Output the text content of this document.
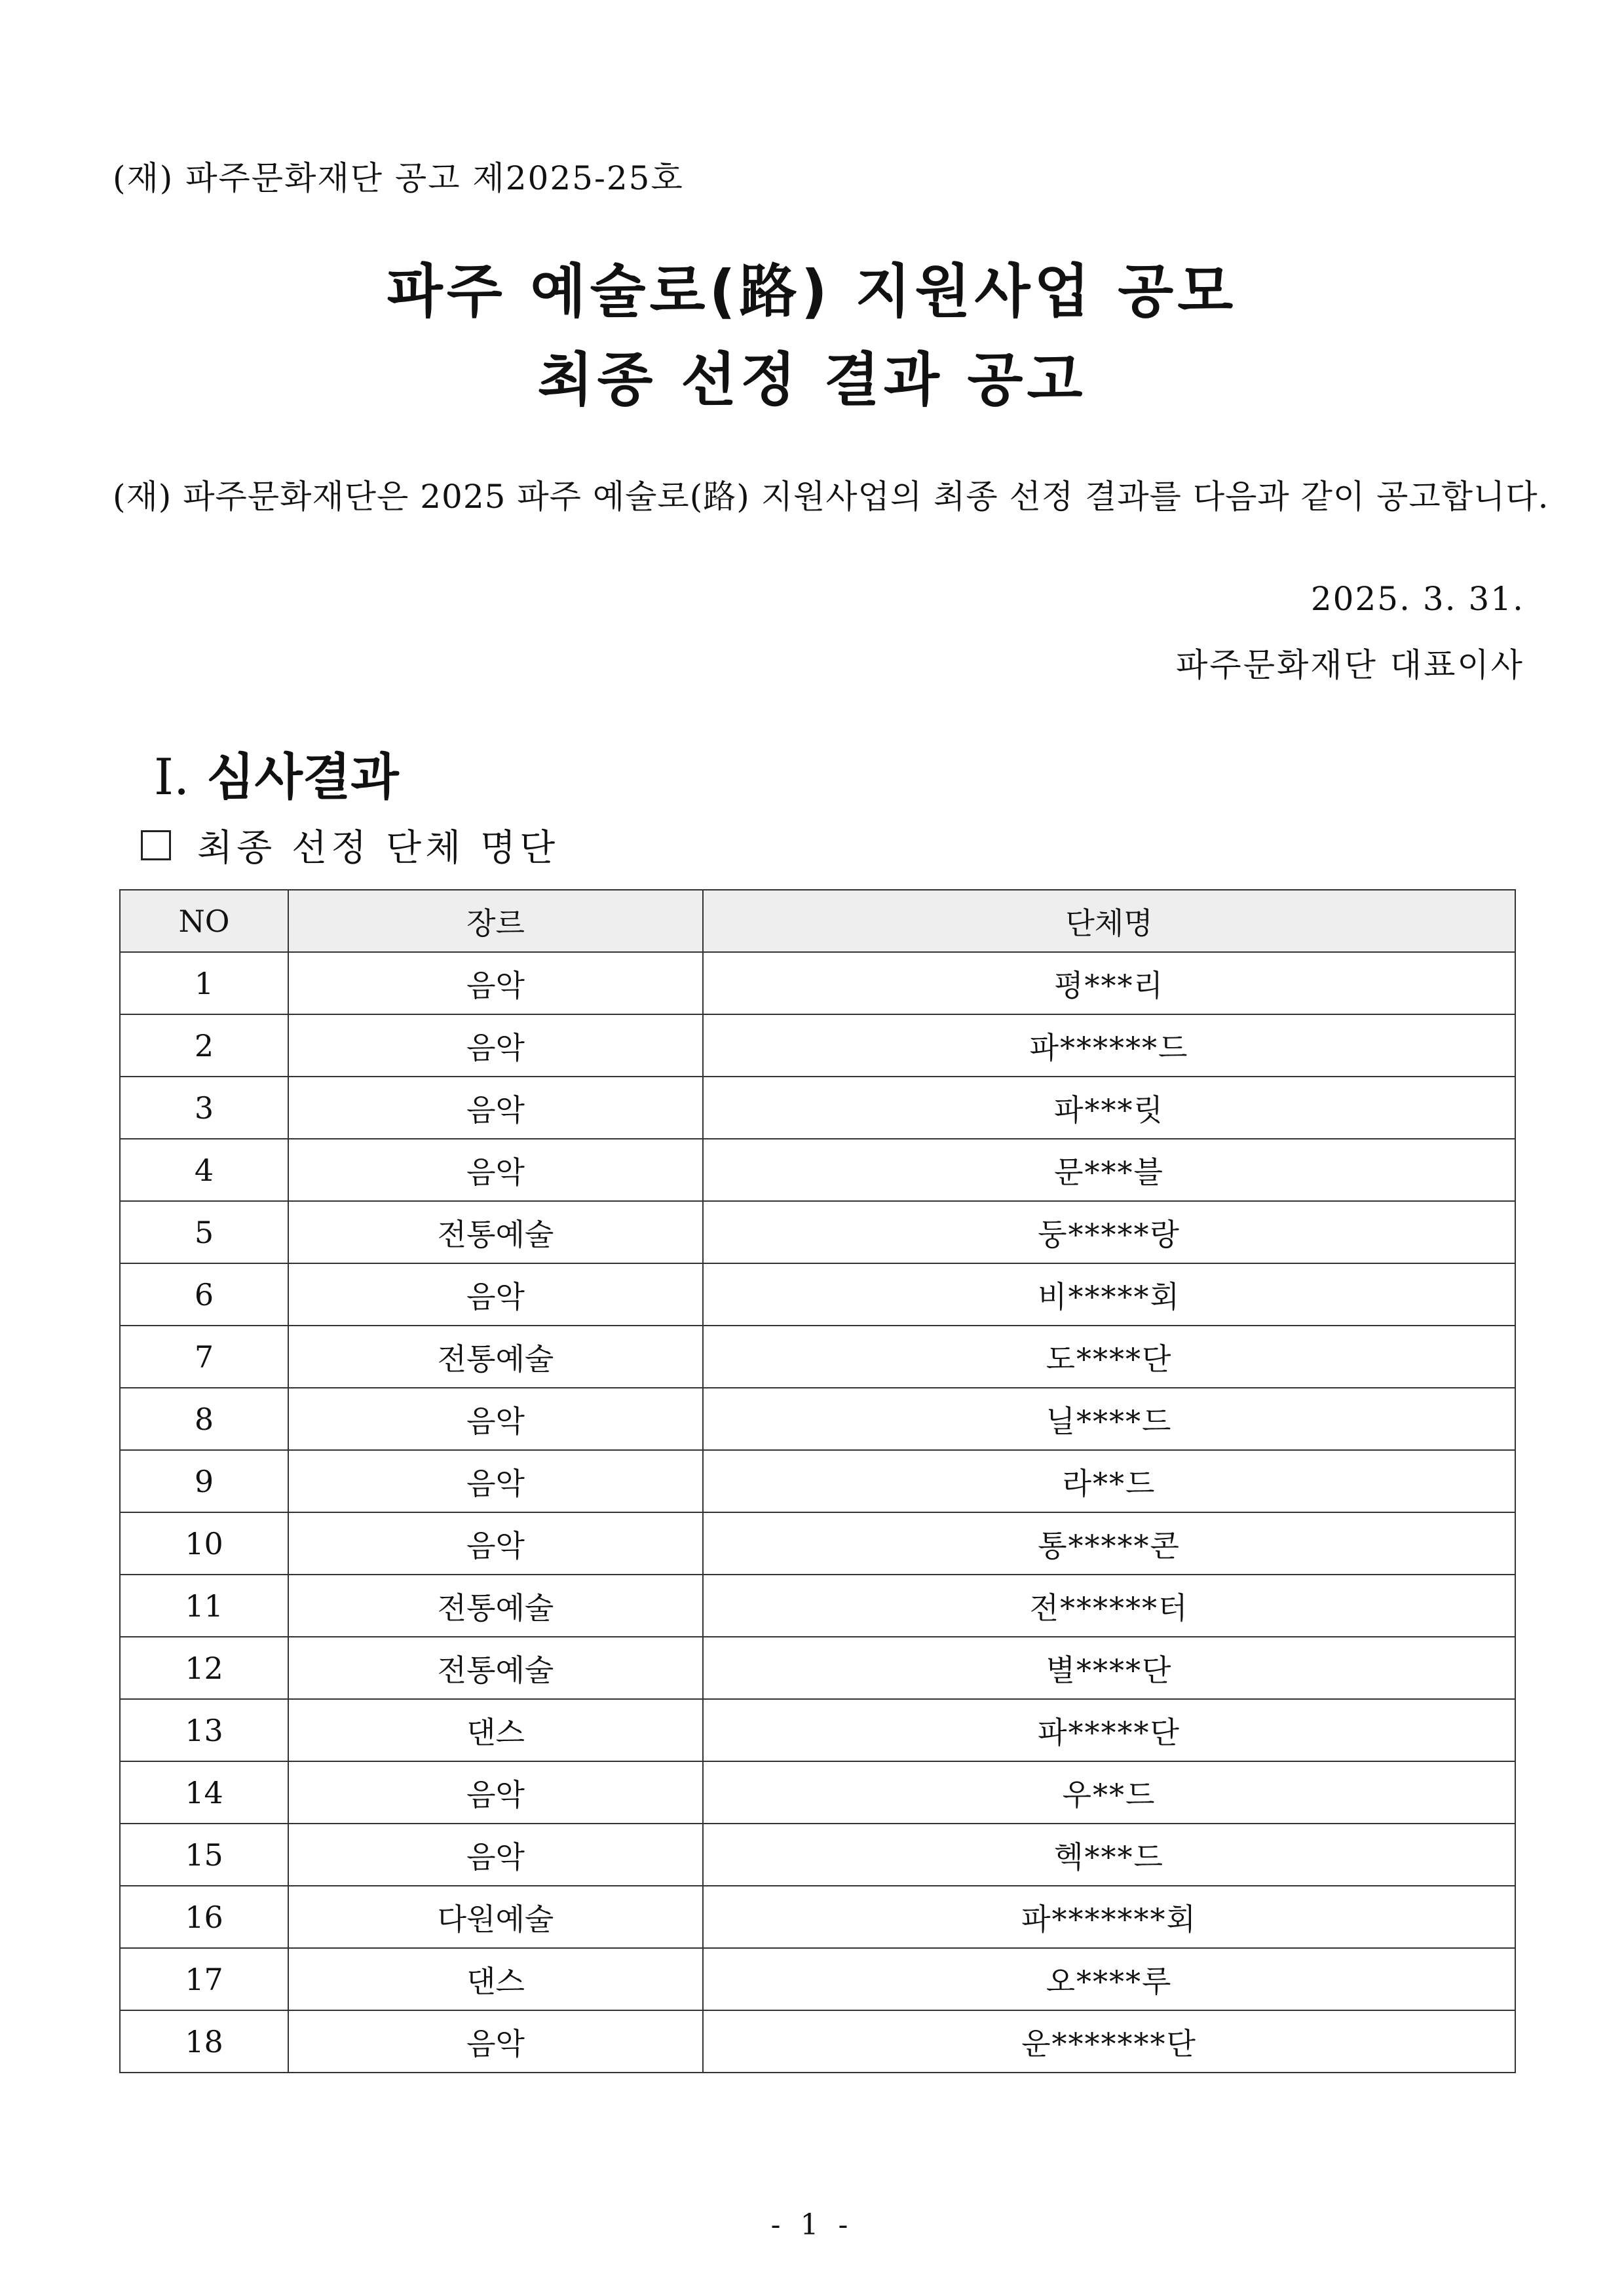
(재) 파주문화재단 공고 제2025-25호
파주 예술로(路) 지원사업 공모
최종 선정 결과 공고
(재) 파주문화재단은 2025 파주 예술로(路) 지원사업의 최종 선정 결과를 다음과 같이 공고합니다.
2025. 3. 31.
파주문화재단 대표이사
Ⅰ. 심사결과
최종 선정 단체 명단
NO	장르	단체명
1	음악	평***리
2	음악	파******드
3	음악	파***릿
4	음악	문***블
5	전통예술	둥*****랑
6	음악	비*****회
7	전통예술	도****단
8	음악	닐****드
9	음악	라**드
10	음악	통*****콘
11	전통예술	전******터
12	전통예술	별****단
13	댄스	파*****단
14	음악	우**드
15	음악	헥***드
16	다원예술	파*******회
17	댄스	오****루
18	음악	운*******단
- 1 -
